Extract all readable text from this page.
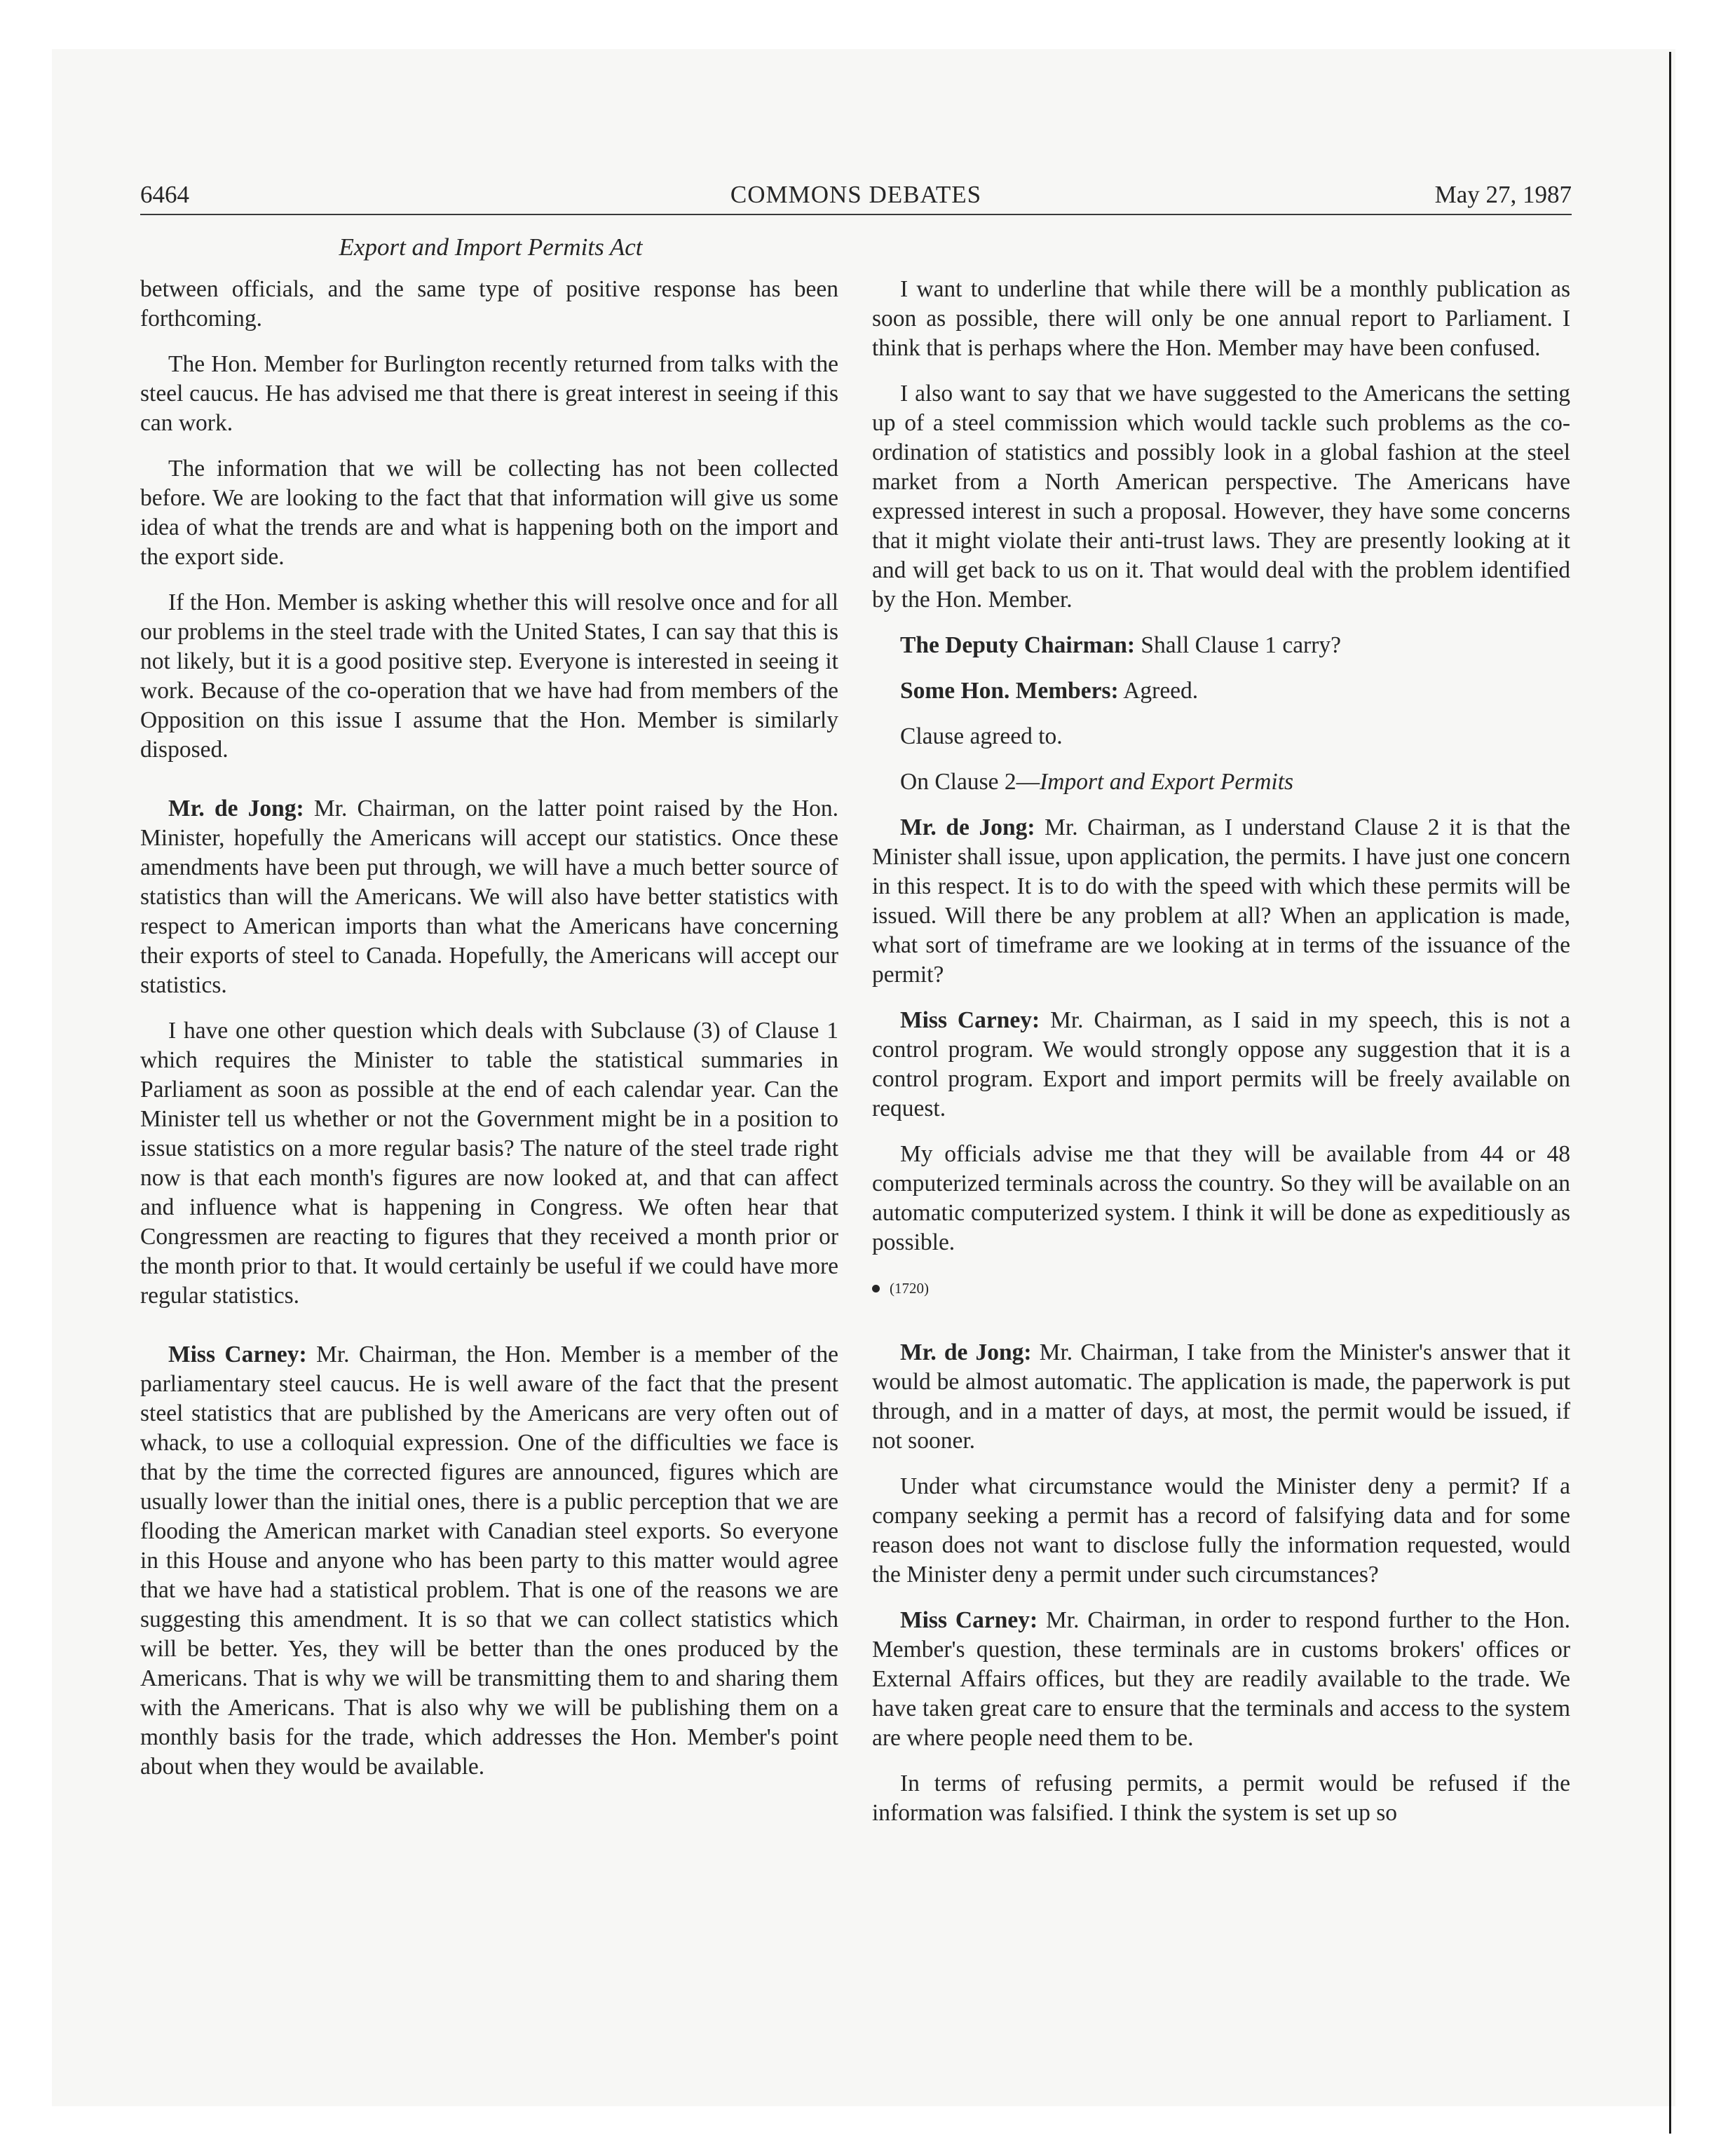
6464	COMMONS DEBATES	May 27, 1987
Export and Import Permits Act

between officials, and the same type of positive response has been forthcoming.

The Hon. Member for Burlington recently returned from talks with the steel caucus. He has advised me that there is great interest in seeing if this can work.

The information that we will be collecting has not been collected before. We are looking to the fact that that information will give us some idea of what the trends are and what is happening both on the import and the export side.

If the Hon. Member is asking whether this will resolve once and for all our problems in the steel trade with the United States, I can say that this is not likely, but it is a good positive step. Everyone is interested in seeing it work. Because of the co-operation that we have had from members of the Opposition on this issue I assume that the Hon. Member is similarly disposed.

Mr. de Jong: Mr. Chairman, on the latter point raised by the Hon. Minister, hopefully the Americans will accept our statistics. Once these amendments have been put through, we will have a much better source of statistics than will the Americans. We will also have better statistics with respect to American imports than what the Americans have concerning their exports of steel to Canada. Hopefully, the Americans will accept our statistics.

I have one other question which deals with Subclause (3) of Clause 1 which requires the Minister to table the statistical summaries in Parliament as soon as possible at the end of each calendar year. Can the Minister tell us whether or not the Government might be in a position to issue statistics on a more regular basis? The nature of the steel trade right now is that each month's figures are now looked at, and that can affect and influence what is happening in Congress. We often hear that Congressmen are reacting to figures that they received a month prior or the month prior to that. It would certainly be useful if we could have more regular statistics.

Miss Carney: Mr. Chairman, the Hon. Member is a member of the parliamentary steel caucus. He is well aware of the fact that the present steel statistics that are published by the Americans are very often out of whack, to use a colloquial expression. One of the difficulties we face is that by the time the corrected figures are announced, figures which are usually lower than the initial ones, there is a public perception that we are flooding the American market with Canadian steel exports. So everyone in this House and anyone who has been party to this matter would agree that we have had a statistical problem. That is one of the reasons we are suggesting this amendment. It is so that we can collect statistics which will be better. Yes, they will be better than the ones produced by the Americans. That is why we will be transmitting them to and sharing them with the Americans. That is also why we will be publishing them on a monthly basis for the trade, which addresses the Hon. Member's point about when they would be available.

I want to underline that while there will be a monthly publication as soon as possible, there will only be one annual report to Parliament. I think that is perhaps where the Hon. Member may have been confused.

I also want to say that we have suggested to the Americans the setting up of a steel commission which would tackle such problems as the co-ordination of statistics and possibly look in a global fashion at the steel market from a North American perspective. The Americans have expressed interest in such a proposal. However, they have some concerns that it might violate their anti-trust laws. They are presently looking at it and will get back to us on it. That would deal with the problem identified by the Hon. Member.

The Deputy Chairman: Shall Clause 1 carry?

Some Hon. Members: Agreed.

Clause agreed to.

On Clause 2—Import and Export Permits

Mr. de Jong: Mr. Chairman, as I understand Clause 2 it is that the Minister shall issue, upon application, the permits. I have just one concern in this respect. It is to do with the speed with which these permits will be issued. Will there be any problem at all? When an application is made, what sort of timeframe are we looking at in terms of the issuance of the permit?

Miss Carney: Mr. Chairman, as I said in my speech, this is not a control program. We would strongly oppose any suggestion that it is a control program. Export and import permits will be freely available on request.

My officials advise me that they will be available from 44 or 48 computerized terminals across the country. So they will be available on an automatic computerized system. I think it will be done as expeditiously as possible.

(1720)

Mr. de Jong: Mr. Chairman, I take from the Minister's answer that it would be almost automatic. The application is made, the paperwork is put through, and in a matter of days, at most, the permit would be issued, if not sooner.

Under what circumstance would the Minister deny a permit? If a company seeking a permit has a record of falsifying data and for some reason does not want to disclose fully the information requested, would the Minister deny a permit under such circumstances?

Miss Carney: Mr. Chairman, in order to respond further to the Hon. Member's question, these terminals are in customs brokers' offices or External Affairs offices, but they are readily available to the trade. We have taken great care to ensure that the terminals and access to the system are where people need them to be.

In terms of refusing permits, a permit would be refused if the information was falsified. I think the system is set up so
